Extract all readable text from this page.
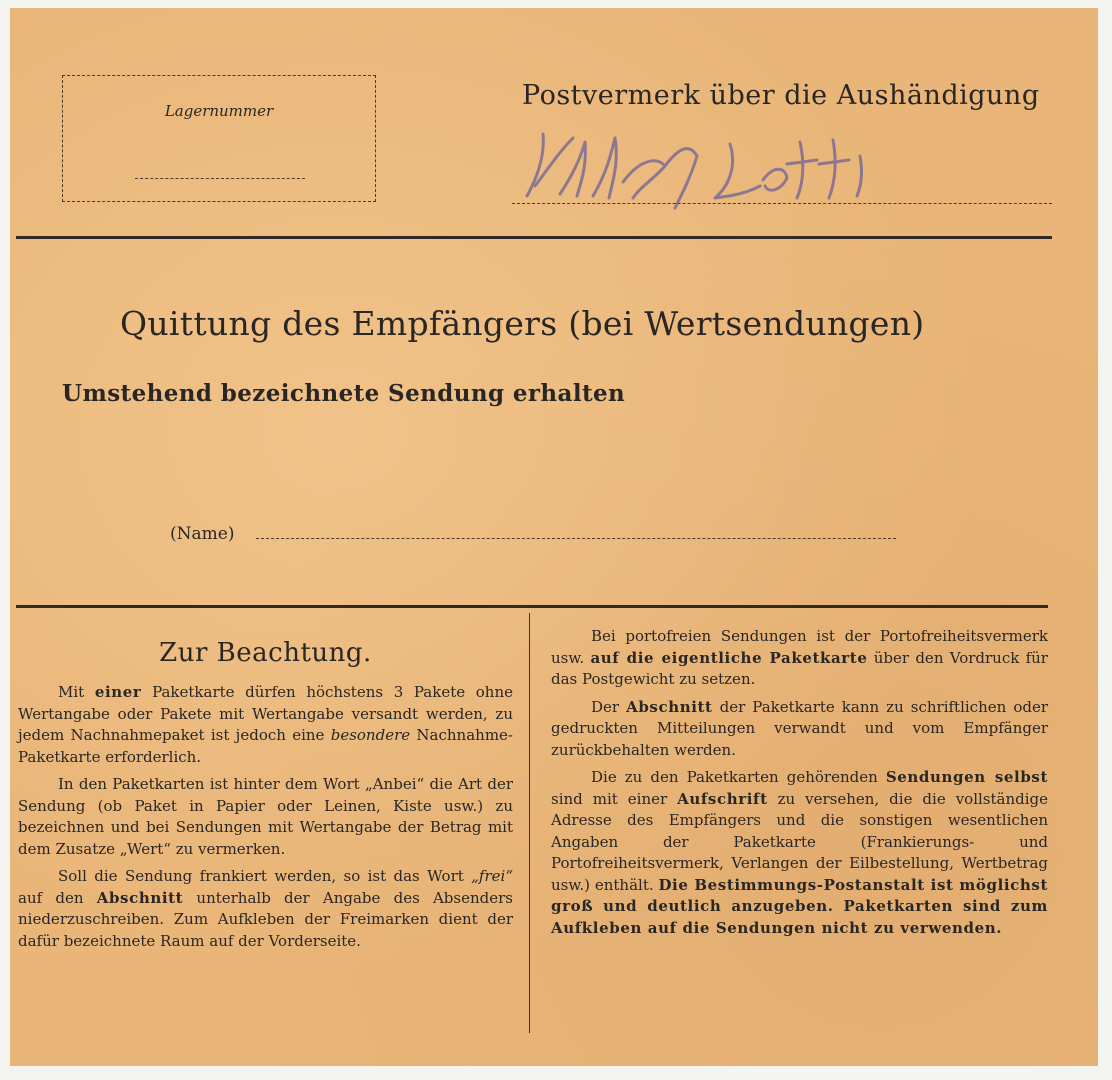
Lagernummer	Postvermerk über die Aushändigung
Quittung des Empfängers (bei Wertsendungen)
Umstehend bezeichnete Sendung erhalten
(Name)
Zur Beachtung.

Mit einer Paketkarte dürfen höchstens 3 Pakete ohne Wertangabe oder Pakete mit Wertangabe versandt werden, zu jedem Nachnahmepaket ist jedoch eine besondere Nachnahme-Paketkarte erforderlich.

In den Paketkarten ist hinter dem Wort „Anbei“ die Art der Sendung (ob Paket in Papier oder Leinen, Kiste usw.) zu bezeichnen und bei Sendungen mit Wertangabe der Betrag mit dem Zusatze „Wert“ zu vermerken.

Soll die Sendung frankiert werden, so ist das Wort „frei“ auf den Abschnitt unterhalb der Angabe des Absenders niederzuschreiben. Zum Aufkleben der Freimarken dient der dafür bezeichnete Raum auf der Vorderseite.

Bei portofreien Sendungen ist der Portofreiheitsvermerk usw. auf die eigentliche Paketkarte über den Vordruck für das Postgewicht zu setzen.

Der Abschnitt der Paketkarte kann zu schriftlichen oder gedruckten Mitteilungen verwandt und vom Empfänger zurückbehalten werden.

Die zu den Paketkarten gehörenden Sendungen selbst sind mit einer Aufschrift zu versehen, die die vollständige Adresse des Empfängers und die sonstigen wesentlichen Angaben der Paketkarte (Frankierungs- und Portofreiheitsvermerk, Verlangen der Eilbestellung, Wertbetrag usw.) enthält. Die Bestimmungs-Postanstalt ist möglichst groß und deutlich anzugeben. Paketkarten sind zum Aufkleben auf die Sendungen nicht zu verwenden.
